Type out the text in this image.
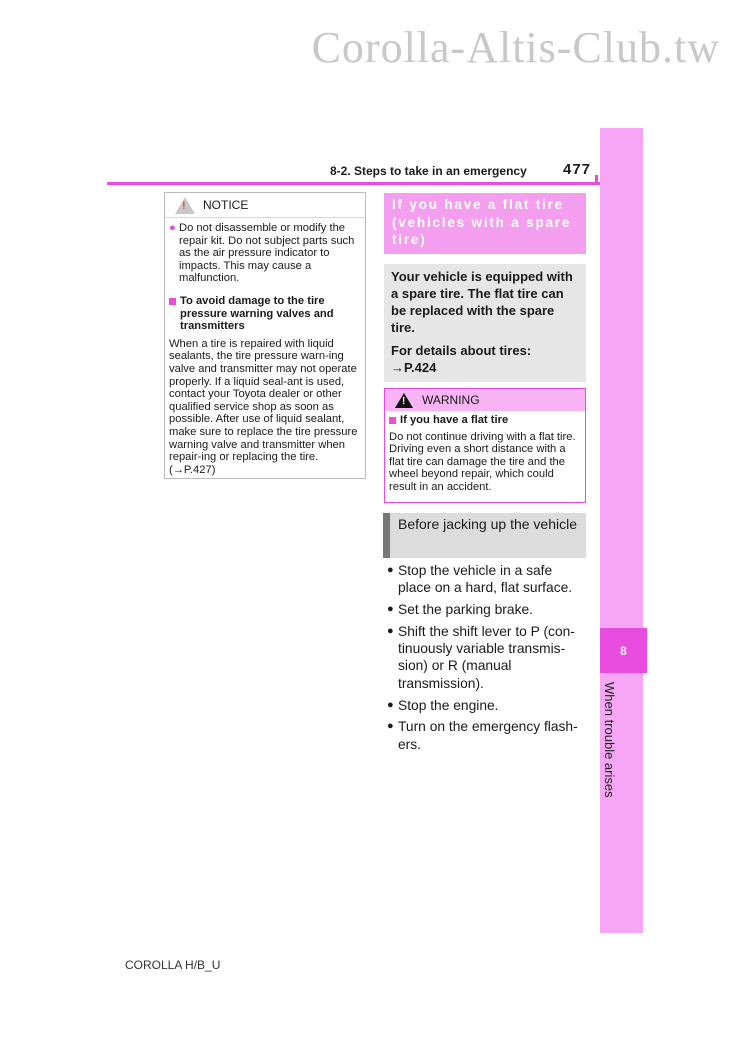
Corolla-Altis-Club.tw
8
When trouble arises
8-2. Steps to take in an emergency 477
! NOTICE
● Do not disassemble or modify the repair kit. Do not subject parts such as the air pressure indicator to impacts. This may cause a malfunction.
To avoid damage to the tire pressure warning valves and transmitters
When a tire is repaired with liquid sealants, the tire pressure warn-ing valve and transmitter may not operate properly. If a liquid seal-ant is used, contact your Toyota dealer or other qualified service shop as soon as possible. After use of liquid sealant, make sure to replace the tire pressure warning valve and transmitter when repair-ing or replacing the tire. (→P.427)
If you have a flat tire (vehicles with a spare tire)
Your vehicle is equipped with a spare tire. The flat tire can be replaced with the spare tire.
For details about tires:
→P.424
! WARNING
If you have a flat tire
Do not continue driving with a flat tire. Driving even a short distance with a flat tire can damage the tire and the wheel beyond repair, which could result in an accident.
Before jacking up the vehicle
● Stop the vehicle in a safe place on a hard, flat surface.
● Set the parking brake.
● Shift the shift lever to P (con-tinuously variable transmis-sion) or R (manual transmission).
● Stop the engine.
● Turn on the emergency flash-ers.
COROLLA H/B_U
